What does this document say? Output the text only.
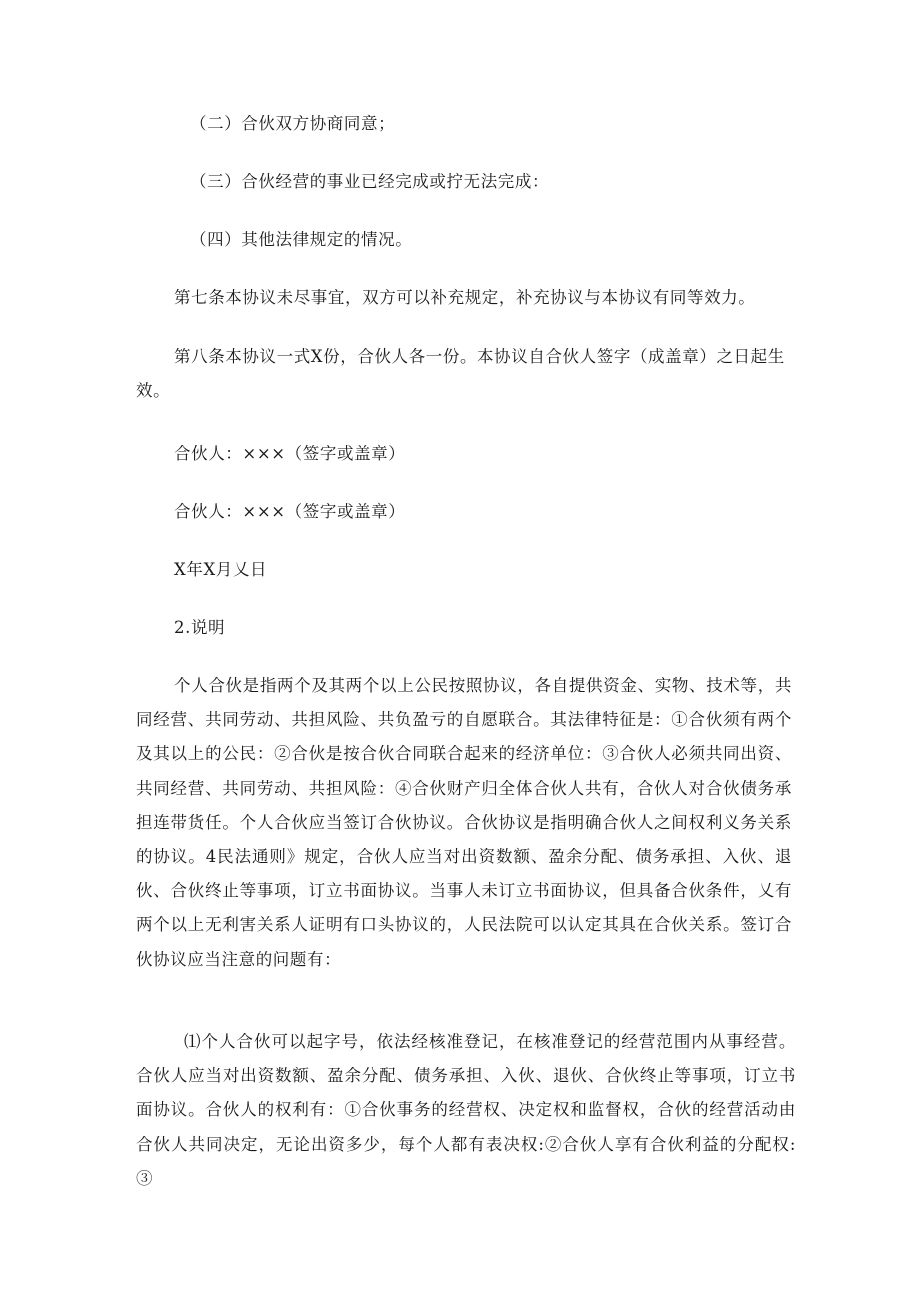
（二）合伙双方协商同意；

（三）合伙经营的事业已经完成或拧无法完成：

（四）其他法律规定的情况。

第七条本协议未尽事宜，双方可以补充规定，补充协议与本协议有同等效力。

第八条本协议一式X份，合伙人各一份。本协议自合伙人签字（成盖章）之日起生

效。

合伙人：×××（签字或盖章）

合伙人：×××（签字或盖章）

X年X月乂日

2.说明

个人合伙是指两个及其两个以上公民按照协议，各自提供资金、实物、技术等，共同经营、共同劳动、共担风险、共负盈亏的自愿联合。其法律特征是：①合伙须有两个及其以上的公民：②合伙是按合伙合同联合起来的经济单位：③合伙人必须共同出资、共同经营、共同劳动、共担风险：④合伙财产归全体合伙人共有，合伙人对合伙债务承担连带货任。个人合伙应当签订合伙协议。合伙协议是指明确合伙人之间权利义务关系的协议。4民法通则》规定，合伙人应当对出资数额、盈余分配、债务承担、入伙、退伙、合伙终止等事项，订立书面协议。当事人未订立书面协议，但具备合伙条件，乂有两个以上无利害关系人证明有口头协议的，人民法院可以认定其具在合伙关系。签订合伙协议应当注意的问题有：

⑴个人合伙可以起字号，依法经核准登记，在核准登记的经营范围内从事经营。合伙人应当对出资数额、盈余分配、债务承担、入伙、退伙、合伙终止等事项，订立书面协议。合伙人的权利有：①合伙事务的经营权、决定权和监督权，合伙的经营活动由合伙人共同决定，无论出资多少，每个人都有表决权:②合伙人享有合伙利益的分配权:③
